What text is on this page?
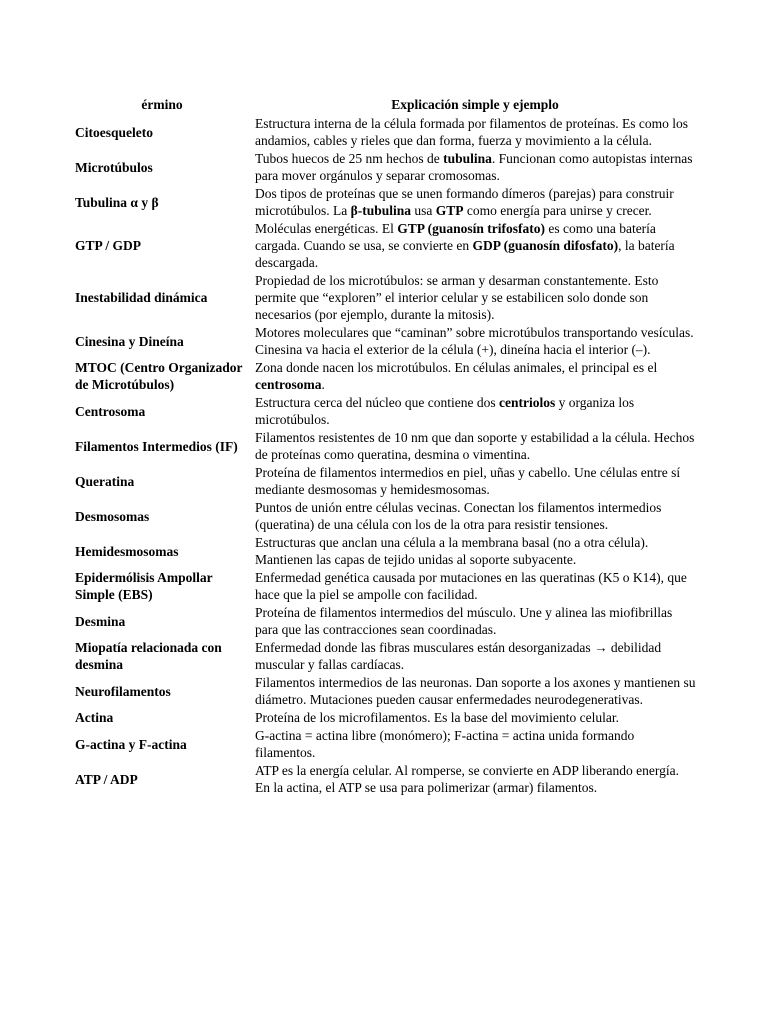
érmino	Explicación simple y ejemplo
Citoesqueleto	Estructura interna de la célula formada por filamentos de proteínas. Es como los andamios, cables y rieles que dan forma, fuerza y movimiento a la célula.
Microtúbulos	Tubos huecos de 25 nm hechos de tubulina. Funcionan como autopistas internas para mover orgánulos y separar cromosomas.
Tubulina α y β	Dos tipos de proteínas que se unen formando dímeros (parejas) para construir microtúbulos. La β-tubulina usa GTP como energía para unirse y crecer.
GTP / GDP	Moléculas energéticas. El GTP (guanosín trifosfato) es como una batería cargada. Cuando se usa, se convierte en GDP (guanosín difosfato), la batería descargada.
Inestabilidad dinámica	Propiedad de los microtúbulos: se arman y desarman constantemente. Esto permite que “exploren” el interior celular y se estabilicen solo donde son necesarios (por ejemplo, durante la mitosis).
Cinesina y Dineína	Motores moleculares que “caminan” sobre microtúbulos transportando vesículas. Cinesina va hacia el exterior de la célula (+), dineína hacia el interior (–).
MTOC (Centro Organizador de Microtúbulos)	Zona donde nacen los microtúbulos. En células animales, el principal es el centrosoma.
Centrosoma	Estructura cerca del núcleo que contiene dos centriolos y organiza los microtúbulos.
Filamentos Intermedios (IF)	Filamentos resistentes de 10 nm que dan soporte y estabilidad a la célula. Hechos de proteínas como queratina, desmina o vimentina.
Queratina	Proteína de filamentos intermedios en piel, uñas y cabello. Une células entre sí mediante desmosomas y hemidesmosomas.
Desmosomas	Puntos de unión entre células vecinas. Conectan los filamentos intermedios (queratina) de una célula con los de la otra para resistir tensiones.
Hemidesmosomas	Estructuras que anclan una célula a la membrana basal (no a otra célula). Mantienen las capas de tejido unidas al soporte subyacente.
Epidermólisis Ampollar Simple (EBS)	Enfermedad genética causada por mutaciones en las queratinas (K5 o K14), que hace que la piel se ampolle con facilidad.
Desmina	Proteína de filamentos intermedios del músculo. Une y alinea las miofibrillas para que las contracciones sean coordinadas.
Miopatía relacionada con desmina	Enfermedad donde las fibras musculares están desorganizadas → debilidad muscular y fallas cardíacas.
Neurofilamentos	Filamentos intermedios de las neuronas. Dan soporte a los axones y mantienen su diámetro. Mutaciones pueden causar enfermedades neurodegenerativas.
Actina	Proteína de los microfilamentos. Es la base del movimiento celular.
G-actina y F-actina	G-actina = actina libre (monómero); F-actina = actina unida formando filamentos.
ATP / ADP	ATP es la energía celular. Al romperse, se convierte en ADP liberando energía. En la actina, el ATP se usa para polimerizar (armar) filamentos.
